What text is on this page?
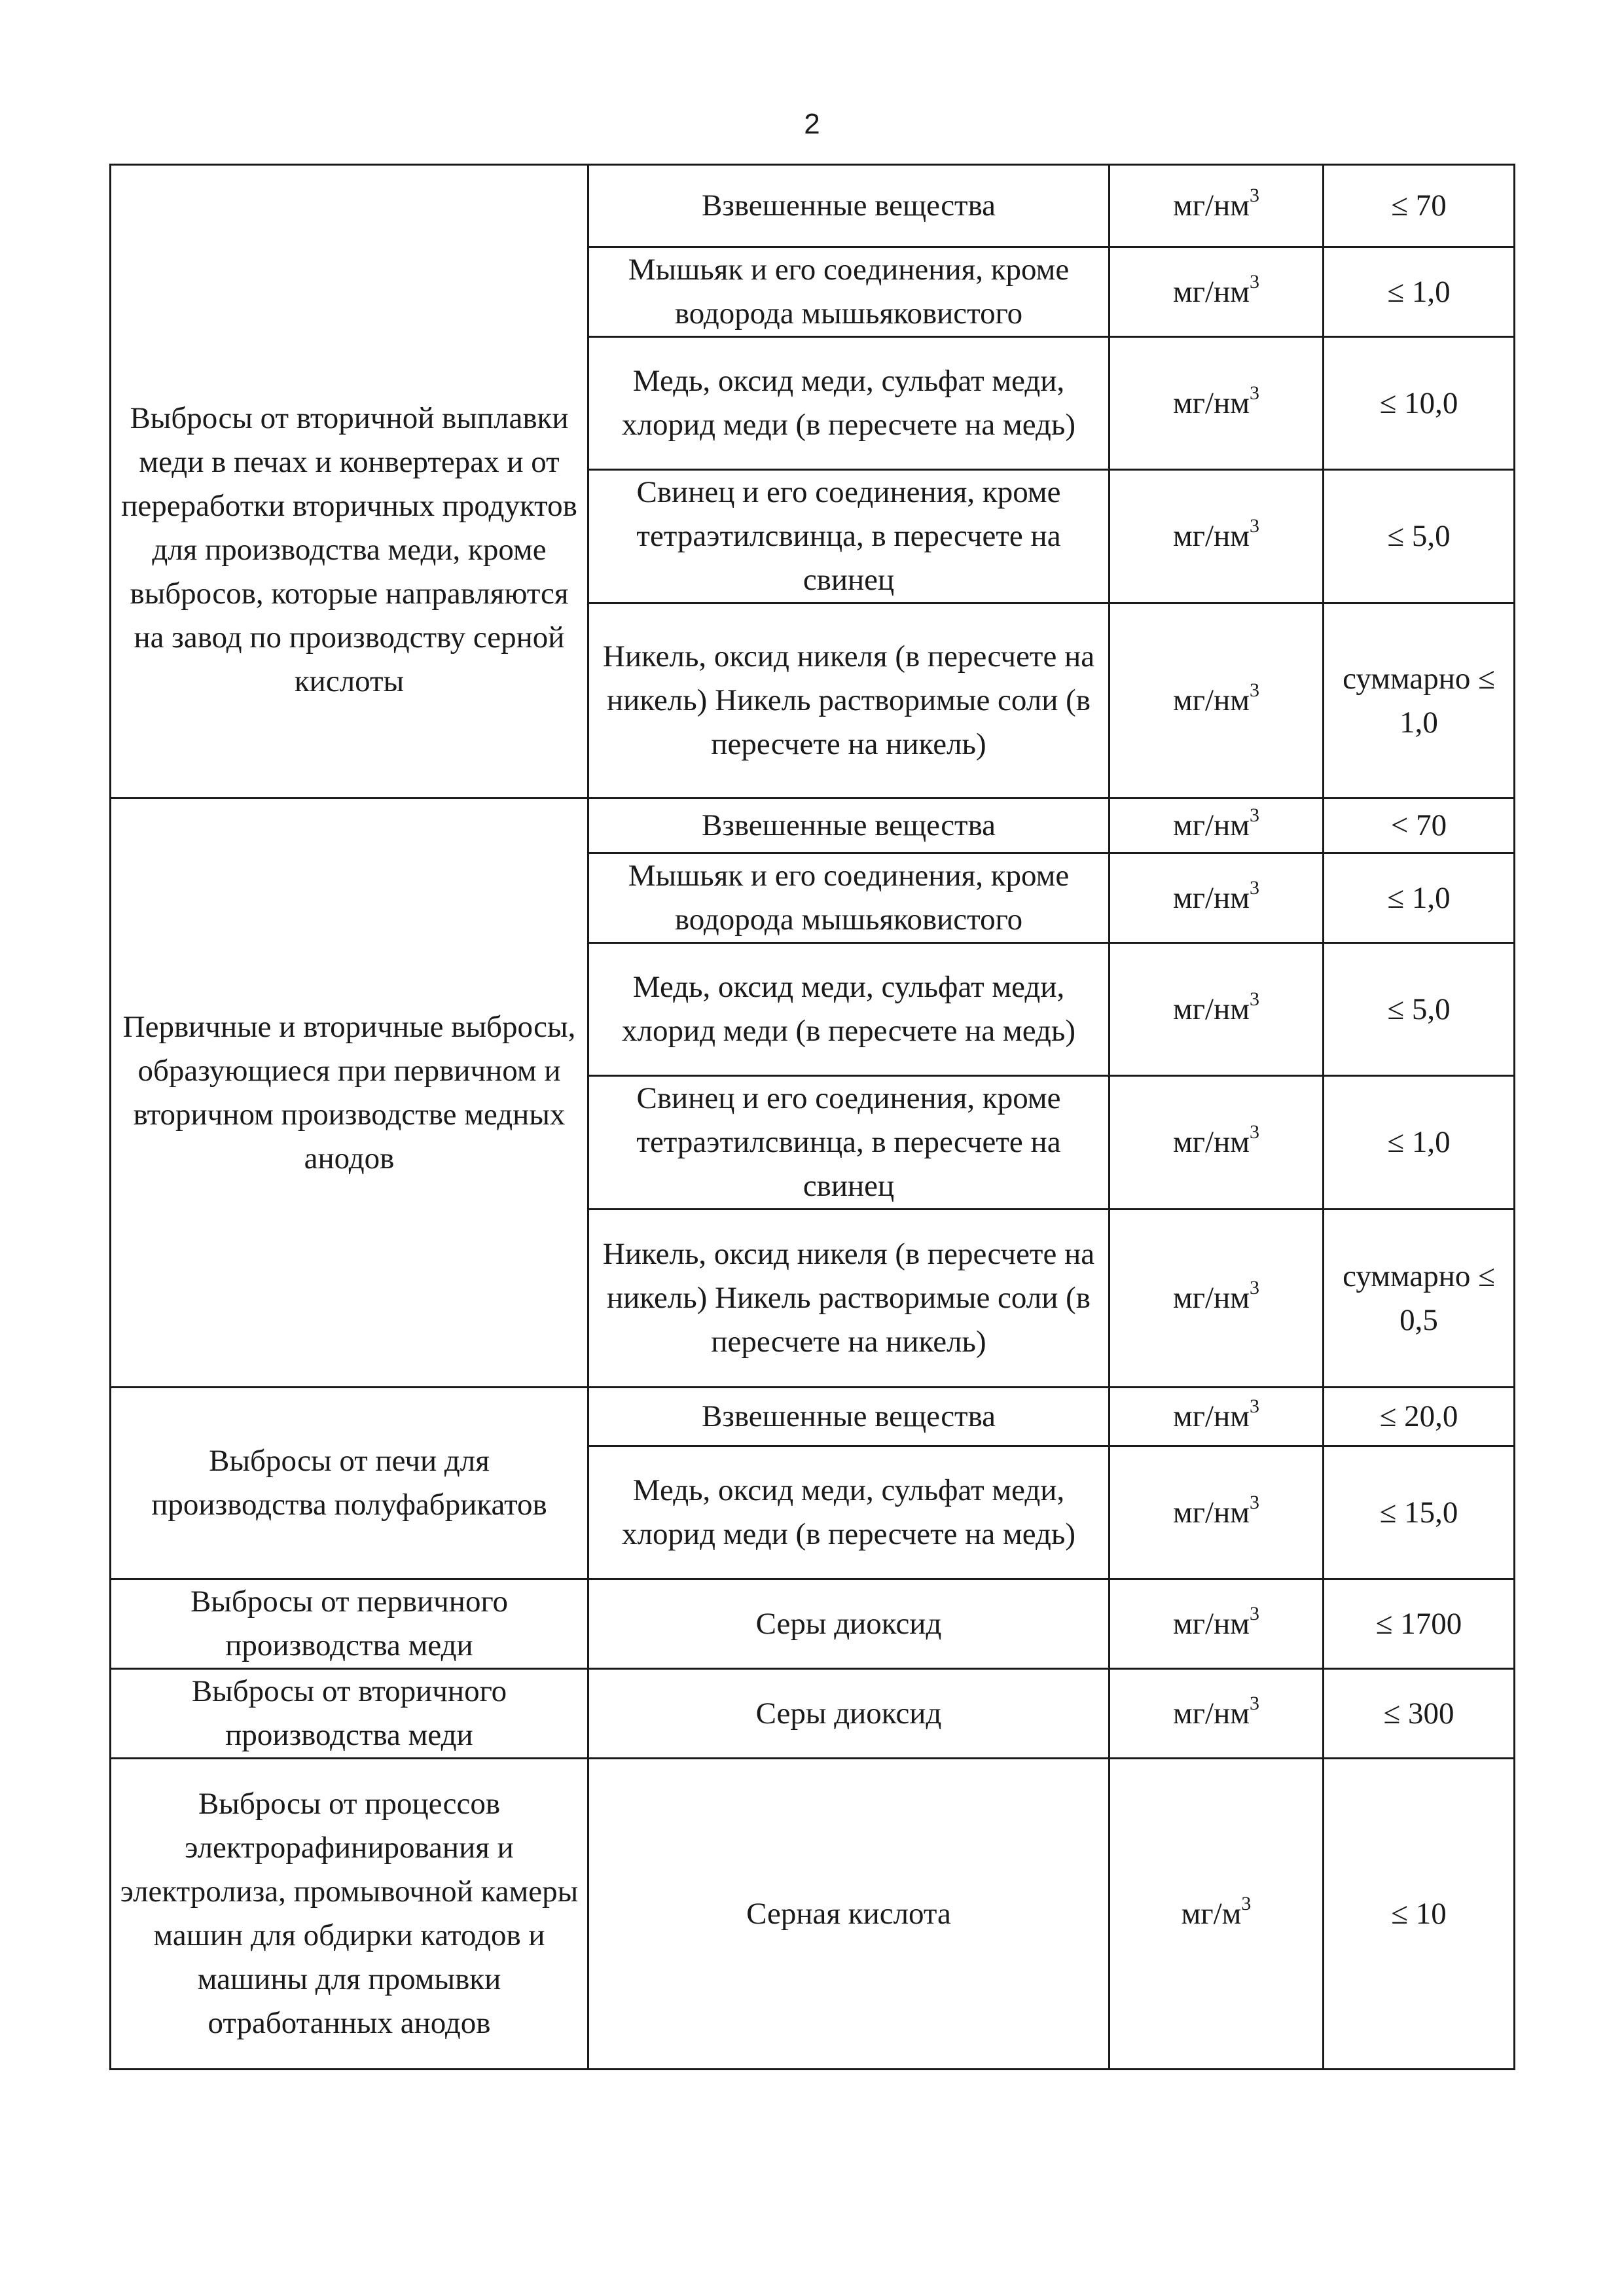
2
Выбросы от вторичной выплавки меди в печах и конвертерах и от переработки вторичных продуктов для производства меди, кроме выбросов, которые направляются на завод по производству серной кислоты	Взвешенные вещества	$мг/нм^3$	≤ 70
	Мышьяк и его соединения, кроме водорода мышьяковистого	$мг/нм^3$	≤ 1,0
	Медь, оксид меди, сульфат меди, хлорид меди (в пересчете на медь)	$мг/нм^3$	≤ 10,0
	Свинец и его соединения, кроме тетраэтилсвинца, в пересчете на свинец	$мг/нм^3$	≤ 5,0
	Никель, оксид никеля (в пересчете на никель) Никель растворимые соли (в пересчете на никель)	$мг/нм^3$	суммарно ≤ 1,0
Первичные и вторичные выбросы, образующиеся при первичном и вторичном производстве медных анодов	Взвешенные вещества	$мг/нм^3$	< 70
	Мышьяк и его соединения, кроме водорода мышьяковистого	$мг/нм^3$	≤ 1,0
	Медь, оксид меди, сульфат меди, хлорид меди (в пересчете на медь)	$мг/нм^3$	≤ 5,0
	Свинец и его соединения, кроме тетраэтилсвинца, в пересчете на свинец	$мг/нм^3$	≤ 1,0
	Никель, оксид никеля (в пересчете на никель) Никель растворимые соли (в пересчете на никель)	$мг/нм^3$	суммарно ≤ 0,5
Выбросы от печи для производства полуфабрикатов	Взвешенные вещества	$мг/нм^3$	≤ 20,0
	Медь, оксид меди, сульфат меди, хлорид меди (в пересчете на медь)	$мг/нм^3$	≤ 15,0
Выбросы от первичного производства меди	Серы диоксид	$мг/нм^3$	≤ 1700
Выбросы от вторичного производства меди	Серы диоксид	$мг/нм^3$	≤ 300
Выбросы от процессов электрорафинирования и электролиза, промывочной камеры машин для обдирки катодов и машины для промывки отработанных анодов	Серная кислота	$мг/м^3$	≤ 10
